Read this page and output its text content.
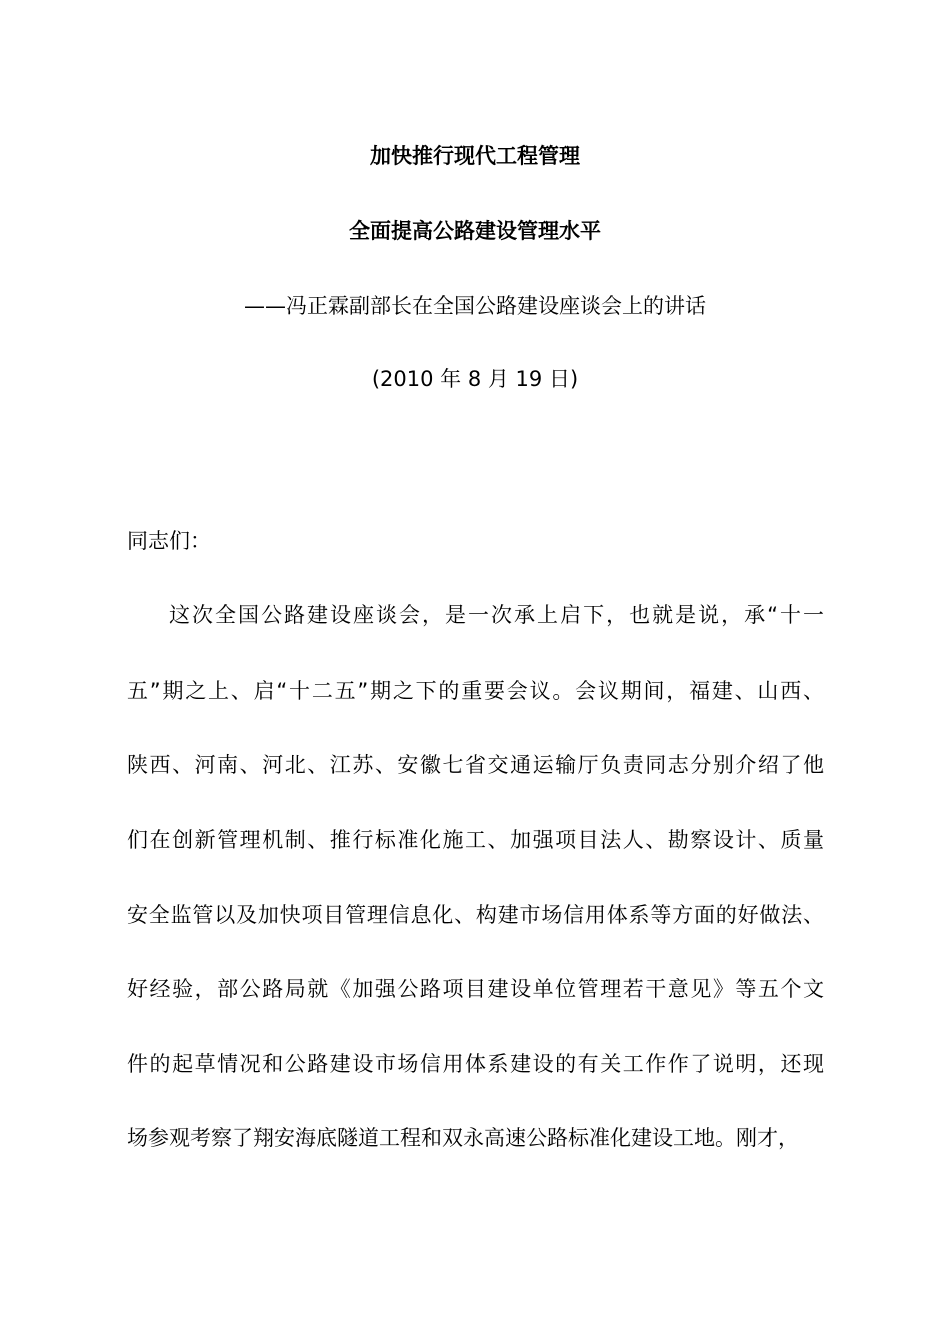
加快推行现代工程管理
全面提高公路建设管理水平
——冯正霖副部长在全国公路建设座谈会上的讲话
(2010 年 8 月 19 日)
同志们：
这次全国公路建设座谈会，是一次承上启下，也就是说，承“十一
五”期之上、启“十二五”期之下的重要会议。会议期间，福建、山西、
陕西、河南、河北、江苏、安徽七省交通运输厅负责同志分别介绍了他
们在创新管理机制、推行标准化施工、加强项目法人、勘察设计、质量
安全监管以及加快项目管理信息化、构建市场信用体系等方面的好做法、
好经验，部公路局就《加强公路项目建设单位管理若干意见》等五个文
件的起草情况和公路建设市场信用体系建设的有关工作作了说明，还现
场参观考察了翔安海底隧道工程和双永高速公路标准化建设工地。刚才，
